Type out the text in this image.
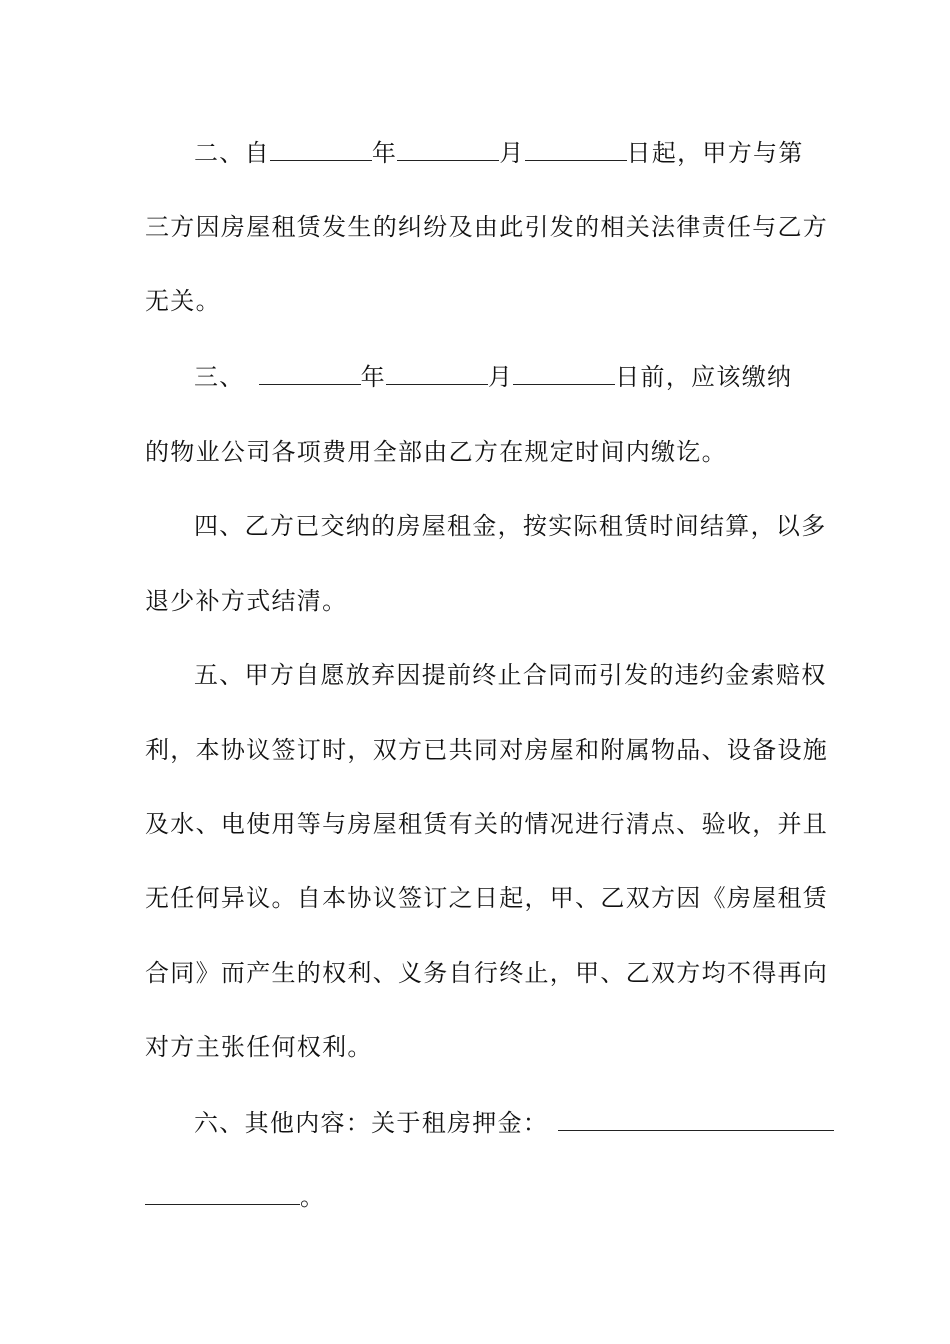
二、自	年	月	日起，甲方与第
三方因房屋租赁发生的纠纷及由此引发的相关法律责任与乙方
无关。
三、	年	月	日前，应该缴纳
的物业公司各项费用全部由乙方在规定时间内缴讫。
四、乙方已交纳的房屋租金，按实际租赁时间结算，以多
退少补方式结清。
五、甲方自愿放弃因提前终止合同而引发的违约金索赔权
利，本协议签订时，双方已共同对房屋和附属物品、设备设施
及水、电使用等与房屋租赁有关的情况进行清点、验收，并且
无任何异议。自本协议签订之日起，甲、乙双方因《房屋租赁
合同》而产生的权利、义务自行终止，甲、乙双方均不得再向
对方主张任何权利。
六、其他内容：关于租房押金：
。
